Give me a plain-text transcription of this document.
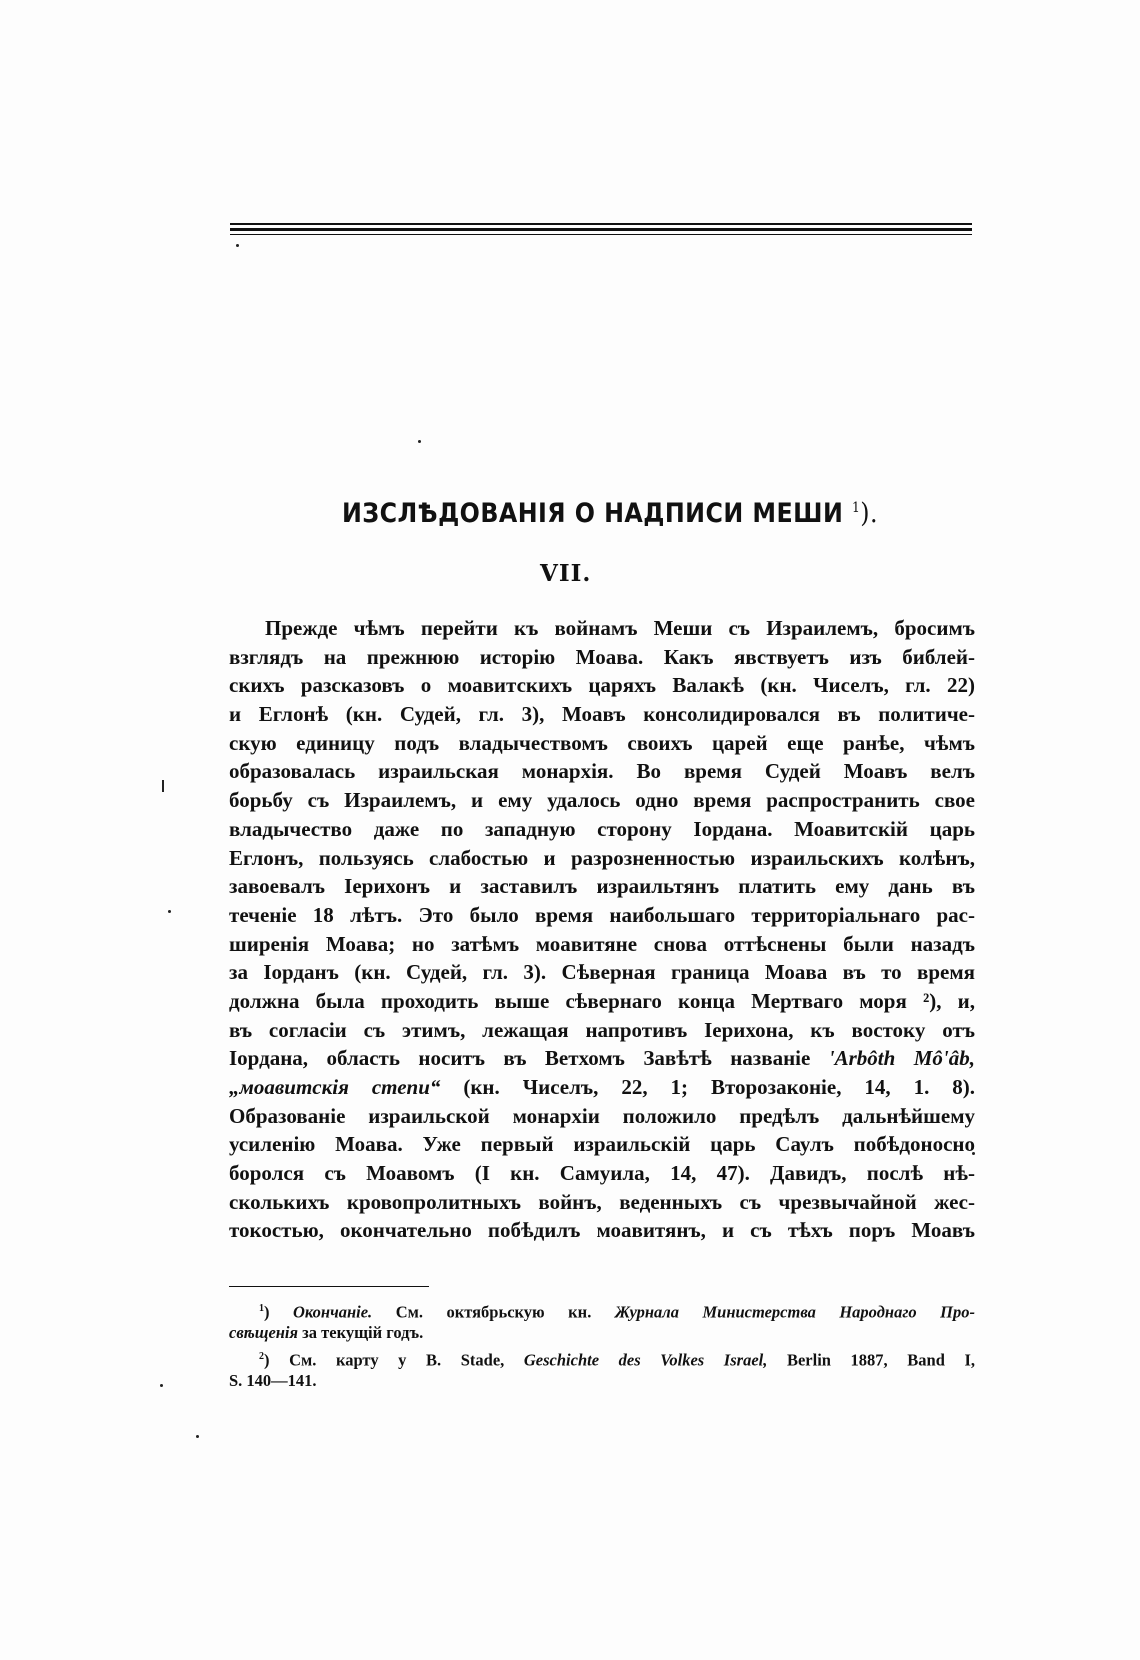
ИЗСЛѢДОВАНІЯ О НАДПИСИ МЕШИ $^1$).
VII.
Прежде чѣмъ перейти къ войнамъ Меши съ Израилемъ, бросимъ
взглядъ на прежнюю исторію Моава. Какъ явствуетъ изъ библей-
скихъ разсказовъ о моавитскихъ царяхъ Валакѣ (кн. Чиселъ, гл. 22)
и Еглонѣ (кн. Судей, гл. 3), Моавъ консолидировался въ политиче-
скую единицу подъ владычествомъ своихъ царей еще ранѣе, чѣмъ
образовалась израильская монархія. Во время Судей Моавъ велъ
борьбу съ Израилемъ, и ему удалось одно время распространить свое
владычество даже по западную сторону Іордана. Моавитскій царь
Еглонъ, пользуясь слабостью и разрозненностью израильскихъ колѣнъ,
завоевалъ Іерихонъ и заставилъ израильтянъ платить ему дань въ
теченіе 18 лѣтъ. Это было время наибольшаго территоріальнаго рас-
ширенія Моава; но затѣмъ моавитяне снова оттѣснены были назадъ
за Іорданъ (кн. Судей, гл. 3). Сѣверная граница Моава въ то время
должна была проходить выше сѣвернаго конца Мертваго моря ²), и,
въ согласіи съ этимъ, лежащая напротивъ Іерихона, къ востоку отъ
Іордана, область носитъ въ Ветхомъ Завѣтѣ названіе 'Arbôth Mô'âb,
„моавитскія степи“ (кн. Чиселъ, 22, 1; Второзаконіе, 14, 1. 8).
Образованіе израильской монархіи положило предѣлъ дальнѣйшему
усиленію Моава. Уже первый израильскій царь Саулъ побѣдоносно
боролся съ Моавомъ (I кн. Самуила, 14, 47). Давидъ, послѣ нѣ-
сколькихъ кровопролитныхъ войнъ, веденныхъ съ чрезвычайной жес-
токостью, окончательно побѣдилъ моавитянъ, и съ тѣхъ поръ Моавъ
$^1$) Окончаніе. См. октябрьскую кн. Журнала Министерства Народнаго Про-
свѣщенія за текущій годъ.
$^2$) См. карту у B. Stade, Geschichte des Volkes Israel, Berlin 1887, Band I,
S. 140—141.
